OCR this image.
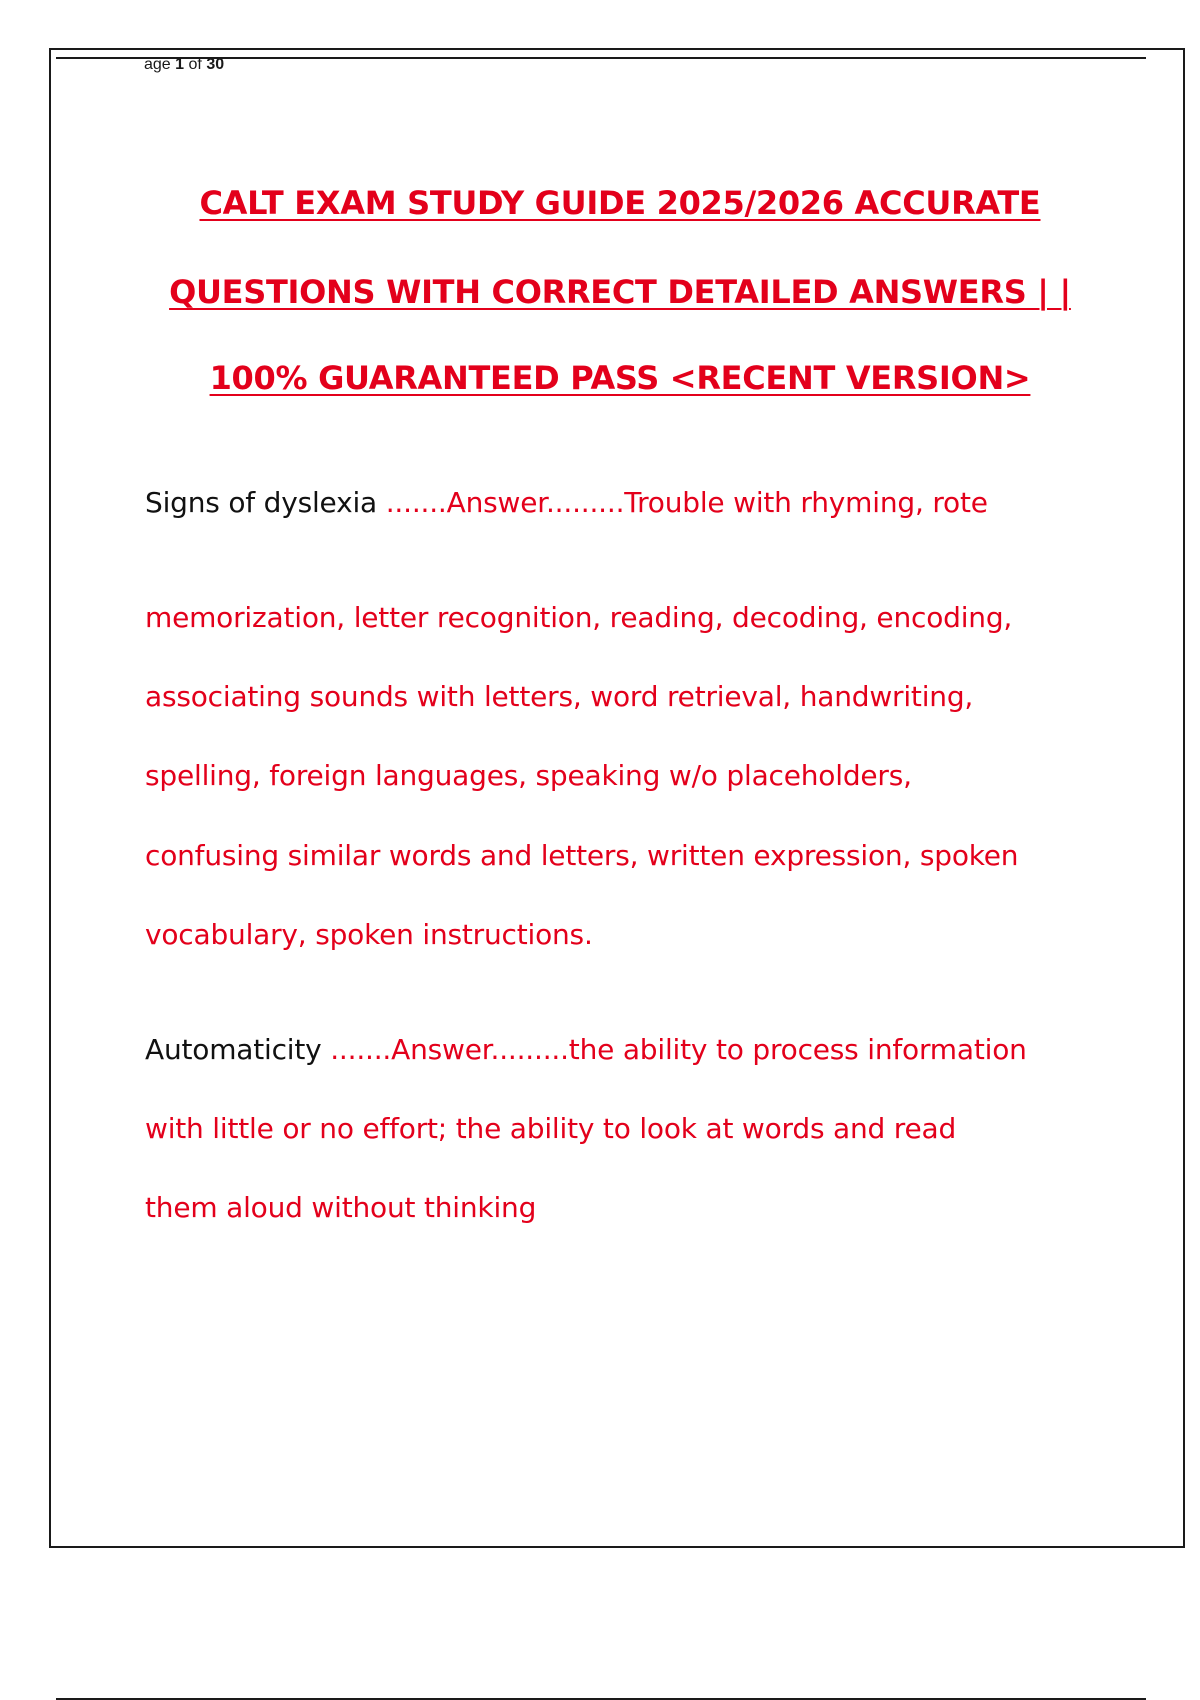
age 1 of 30
CALT EXAM STUDY GUIDE 2025/2026 ACCURATE
QUESTIONS WITH CORRECT DETAILED ANSWERS | |
100% GUARANTEED PASS <RECENT VERSION>
Signs of dyslexia .......Answer.........Trouble with rhyming, rote
memorization, letter recognition, reading, decoding, encoding,
associating sounds with letters, word retrieval, handwriting,
spelling, foreign languages, speaking w/o placeholders,
confusing similar words and letters, written expression, spoken
vocabulary, spoken instructions.
Automaticity .......Answer.........the ability to process information
with little or no effort; the ability to look at words and read
them aloud without thinking
